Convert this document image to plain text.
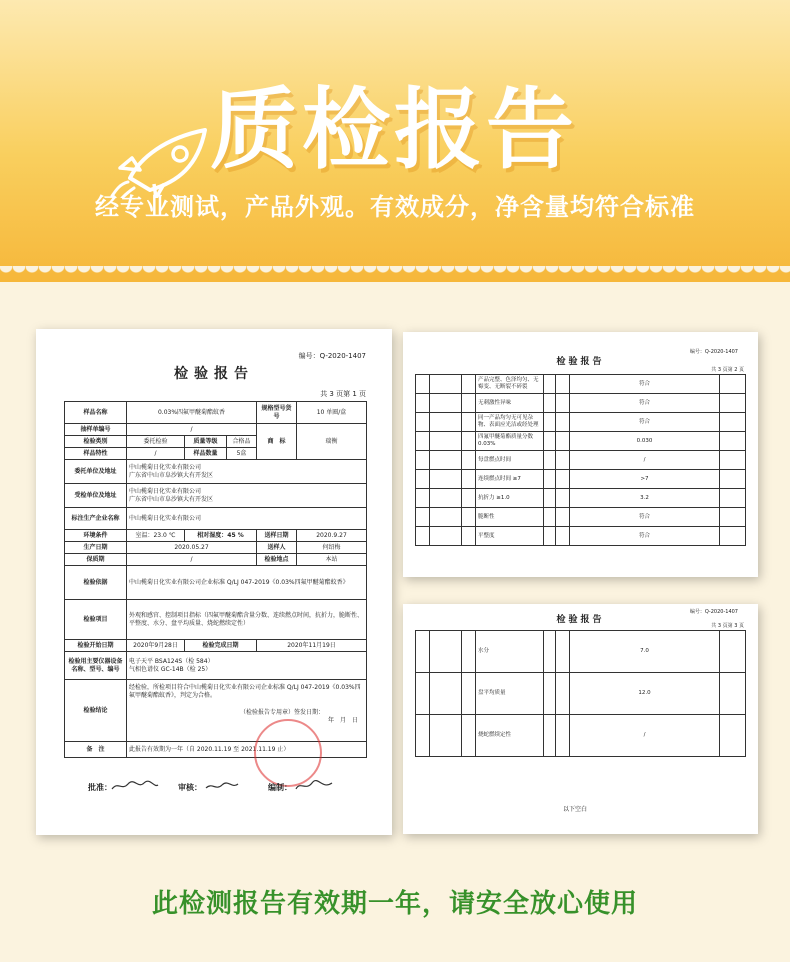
质检报告
经专业测试，产品外观。有效成分，净含量均符合标准
编号：Q-2020-1407
检验报告
共 3 页第 1 页
样品名称	0.03%四氟甲醚菊酯蚊香			规格型号货号	10 单圈/盒
抽样单编号	/			商　标	瑞衡
检验类别	委托检验	质量等级	合格品		
样品特性	/	样品数量	5盒		
委托单位及地址	中山榄菊日化实业有限公司
广东省中山市阜沙镇大有开发区				
受检单位及地址	中山榄菊日化实业有限公司
广东省中山市阜沙镇大有开发区				
标注生产企业名称	中山榄菊日化实业有限公司				
环境条件	室温：23.0 ℃	相对湿度：45 %		送样日期	2020.9.27
生产日期	2020.05.27			送样人	何绍梅
保质期	/			检验地点	本站
检验依据	中山榄菊日化实业有限公司企业标准 Q/LJ 047-2019《0.03%四氟甲醚菊酯蚊香》				
检验项目	外观和感官、控制项目指标（四氟甲醚菊酯含量分数、连续燃点时间，抗折力，脆断性、平整度、水分、盘平均质量、烧蛇燃续定性）				
检验开始日期	2020年9月28日	检验完成日期		2020年11月19日	
检验用主要仪器设备名称、型号、编号	电子天平 BSA124S（检 584）
气相色谱仪 GC-14B（检 25）				
检验结论	经检验，所检项目符合中山榄菊日化实业有限公司企业标准 Q/LJ 047-2019《0.03%四氟甲醚菊酯蚊香》，判定为合格。
（检验报告专用章）签发日期：
年　月　日				

备　注	此报告有效期为一年（自 2020.11.19 至 2021.11.19 止）				
批准：	审核：	编制：
编号：Q-2020-1407
检验报告
共 3 页第 2 页
			产品完整、色泽均匀、无霉变、无断裂不碎裂			符合	
			无刺激性异味			符合	
			同一产品均匀无可见杂物、表面应光洁或经处理			符合	
			四氟甲醚菊酯质量分数 0.03%			0.030	
			每盘燃点时间			/	
			连续燃点时间 ≥7			>7	
			抗折力 ≥1.0			3.2	
			脆断性			符合	
			平整度			符合	
编号：Q-2020-1407
检验报告
共 3 页第 3 页
			水分			7.0	
			盘平均质量			12.0	
			烧蛇燃续定性			/	
以下空白
此检测报告有效期一年，请安全放心使用
